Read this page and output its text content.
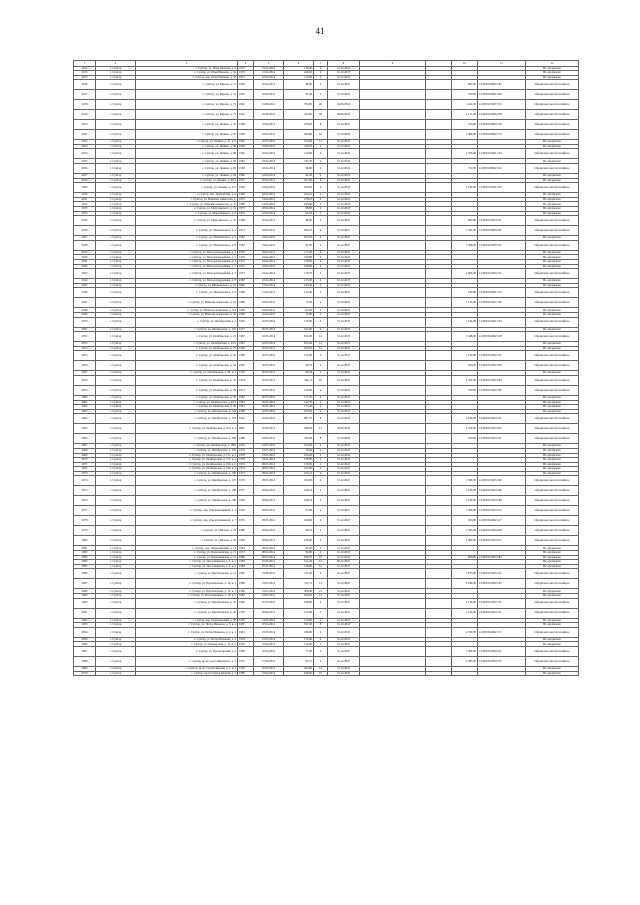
41
1	2	3	4	5	6	7	8	9		10	11	12
2012	с. Сунтар	с. Сунтар, ул. Ильи Иванова, д. 2	1972	21.04.2014	138,40	4	31.12.2024					Не оформлено
2013	с. Сунтар	с. Сунтар, ул. Ильи Иванова, д. 16	1976	21.04.2014	448,90	9	31.12.2023					Не оформлено
2015	с. Сунтар	с. Сунтар, пер. Ильи Иванова, д. 18	1975	22.04.2014	115,60	2	31.12.2023					Не оформлено
2016	с. Сунтар	с. Сунтар, ул. Кирова, д. 11	1979	22.04.2014	98,00	2	31.12.2022			887,00	14:28:0103002:185	Оформлено как бесхозяйное
2017	с. Сунтар	с. Сунтар, ул. Кирова, д. 31	1981	22.04.2014	83,40	5	31.12.2023			790,00	14:28:0103001:246	Оформлено как бесхозяйное
2018	с. Сунтар	с. Сунтар, ул. Кирова, д. 71	1991	01.08.2014	782,00	40	24.06.2024			1 421,00	14:28:0101007:374	Оформлено как бесхозяйное
2019	с. Сунтар	с. Сунтар, ул. Кирова, д. 71	1991	01.08.2014	544,00	30	08.06.2024			1 171,00	14:28:0101006:378	Оформлено как бесхозяйное
2020	с. Сунтар	с. Сунтар, ул. Ленина, д. 35	1968	23.04.2014	478,20	8	31.12.2023			745,00	14:28:0103004:129	Оформлено как бесхозяйное
2021	с. Сунтар	с. Сунтар, ул. Ленина, д. 97	1969	23.04.2014	506,00	10	31.12.2024			1 000,00	14:28:0103002:175	Оформлено как бесхозяйное
2022	с. Сунтар	с. Сунтар, ул. Ленина, д. 27, к. 6	1991	22.05.2014	474,00	11	31.12.2023					Не оформлено
2023	с. Сунтар	с. Сунтар, ул. Ленина, д. 60	1969	23.04.2014	318,70	2	31.12.2023					Не оформлено
2024	с. Сунтар	с. Сунтар, ул. Ленина, д. 68	1982	22.04.2014	214,00	4	31.12.2022			1 706,00	14:28:0101001:193	Оформлено как бесхозяйное
2025	с. Сунтар	с. Сунтар, ул. Ленина, д. 83	1981	23.04.2014	335,70	2	31.12.2024					Не оформлено
2026	с. Сунтар	с. Сунтар, ул. Ленина, д. 85	1969	22.04.2014	96,00	2	31.12.2024			572,00	14:28:0103002:192	Оформлено как бесхозяйное
2027	с. Сунтар	с. Сунтар, ул. Ленина, д. 84	1986	24.04.2014	64,30	2	31.12.2023					Не оформлено
2028	с. Сунтар	с. Сунтар, ул. Ленина, д. 60-1	1975	22.04.2014	107,00	2	31.12.2023					Не оформлено
2029	с. Сунтар	с. Сунтар, ул. Ленина, д. 115	1994	23.04.2014	206,06	4	31.12.2024			2 049,00	14:28:0101001:195	Оформлено как бесхозяйное
2030	с. Сунтар	с. Сунтар, пер. Лермонтова, д. 6	1969	22.04.2014	164,10	4	31.12.2022					Не оформлено
2031	с. Сунтар	с. Сунтар, ул. Максима Аммосова, д.	1975	14.04.2014	278,10	4	31.12.2023					Не оформлено
2032	с. Сунтар	с. Сунтар, ул. Максима Аммосова, д. 72	1988	14.04.2014	185,60	4	31.12.2023					Не оформлено
2033	с. Сунтар	с. Сунтар, ул. Марусинского, д. 12	1973	28.04.2014	98,80	2	31.12.2022					Не оформлено
2034	с. Сунтар	с. Сунтар, ул. Марусинского, д. 6	1979	22.04.2014	94,64	2	31.12.2022					Не оформлено
2035	с. Сунтар	с. Сунтар, ул. Марусинского, д. 31	1968	22.04.2014	98,00	2	31.12.2022			683,00	14:28:0103003:211	Оформлено как бесхозяйное
2036	с. Сунтар	с. Сунтар, ул. Мичманского, д. 4	1971	24.04.2014	464,47	9	31.12.2022			1 591,00	14:28:0103005:195	Оформлено как бесхозяйное
2037	с. Сунтар	с. Сунтар, ул. Мичманского, д. 5	1981	24.04.2014	203,70	4	31.12.2022					Не оформлено
2038	с. Сунтар	с. Сунтар, ул. Мичманского, д. 8	1981	24.04.2014	91,20	2	31.12.2022			1 596,00	14:28:0103005:192	Оформлено как бесхозяйное
2039	с. Сунтар	с. Сунтар, ул. Молодогвардейцев, д. 1	1979	24.04.2014	173,26	4	31.12.2023					Не оформлено
2040	с. Сунтар	с. Сунтар, ул. Молодогвардейцев, д. 2	1979	24.04.2014	190,80	4	31.12.2023					Не оформлено
2041	с. Сунтар	с. Сунтар, ул. Молодогвардейцев, д. 3	1972	24.04.2014	158,60	4	31.12.2023					Не оформлено
2042	с. Сунтар	с. Сунтар, ул. Молодогвардейцев, д. 5	1972	24.04.2014	168,60	4	31.12.2023					Не оформлено
2043	с. Сунтар	с. Сунтар, ул. Молодогвардейцев, д. 7	1973	24.04.2014	178,70	3	31.12.2023			1 800,00	14:28:0101003:161	Оформлено как бесхозяйное
2044	с. Сунтар	с. Сунтар, ул. Молодогвардейцев, д. 8	1982	22.04.2014	215,00	4	31.12.2023					Не оформлено
2045	с. Сунтар	с. Сунтар, ул. Мичманского, д. 10	1982	17.04.2014	229,40	4	31.12.2023					Не оформлено
2046	с. Сунтар	с. Сунтар, ул. Мичманского, д. 6	1966	21.04.2014	123,40	5	31.12.2023			630,00	14:28:0103001:313	Оформлено как бесхозяйное
2047	с. Сунтар	с. Сунтар, ул. Николая Алексеева, д. 61	1989	23.04.2014	73,30	2	31.12.2023			1 125,00	14:28:0101007:196	Оформлено как бесхозяйное
2048	с. Сунтар	с. Сунтар, ул. Николая Алексеева, д. 6/2	1969	23.04.2014	66,00	2	31.12.2023					Не оформлено
2049	с. Сунтар	с. Сунтар, ул. Николая Алексеева, д. 34	1969	22.04.2014	74,00	2	31.12.2023					Не оформлено
2050	с. Сунтар	с. Сунтар, ул. Октябрьская, д. 1	1976	22.05.2014	176,06	5	31.12.2023			1 164,00	14:28:0101001:194	Оформлено как бесхозяйное
2051	с. Сунтар	с. Сунтар, ул. Октябрьская, д. 219	1977	20.05.2014	322,00	4	31.12.2023					Не оформлено
2052	с. Сунтар	с. Сунтар, ул. Октябрьская, д. 21	1987	22.05.2014	652,20	12	31.12.2023			2 448,00	14:28:0101002:128	Оформлено как бесхозяйное
2053	с. Сунтар	с. Сунтар, ул. Октябрьская, д. 23/1	1981	22.05.2014	655,40	12	31.12.2023					Не оформлено
2054	с. Сунтар	с. Сунтар, ул. Октябрьская, д. 27	1990	22.05.2014	640,50	12	31.12.2023					Не оформлено
2055	с. Сунтар	с. Сунтар, ул. Октябрьская, д. 62	1968	26.05.2014	152,00	5	31.12.2023			1 076,00	14:28:0101002:191	Оформлено как бесхозяйное
2056	с. Сунтар	с. Сунтар, ул. Октябрьская, д. 64	1967	26.05.2014	99,76	2	31.12.2023			590,00	14:28:0101002:239	Оформлено как бесхозяйное
2057	с. Сунтар	с. Сунтар, ул. Октябрьская, д. 66, к. 1	1978	26.05.2014	96,58	2	31.12.2023					Не оформлено
2058	с. Сунтар	с. Сунтар, ул. Октябрьская, д. 79	1974	22.05.2014	394,11	10	31.12.2022			1 352,00	14:28:0101002:184	Оформлено как бесхозяйное
2059	с. Сунтар	с. Сунтар, ул. Октябрьская, д. 79	1971	22.05.2014	214,00	4	31.12.2023			799,00	14:28:0101002:180	Оформлено как бесхозяйное
2060	с. Сунтар	с. Сунтар, ул. Октябрьская, д. 50	1981	20.05.2014	171,70	4	31.12.2023					Не оформлено
2061	с. Сунтар	с. Сунтар, ул. Октябрьская, д. 94/1	1982	20.05.2014	142,70	2	31.12.2023					Не оформлено
2062	с. Сунтар	с. Сунтар, ул. Октябрьская, д. 95	1981	26.05.2014	175,40	4	31.12.2023					Не оформлено
2063	с. Сунтар	с. Сунтар, ул. Октябрьская, д. 102	1968	22.05.2014	163,64	4	31.12.2023					Не оформлено
2064	с. Сунтар	с. Сунтар, ул. Октябрьская, д. 103	1991	22.05.2014	687,70	8	31.12.2024			2 100,00	14:28:0101003:127	Оформлено как бесхозяйное
2065	с. Сунтар	с. Сунтар, ул. Октябрьская, д. 103, к. а	2005	16.09.2014	288,06	13	30.06.2024			2 700,00	14:28:0101003:205	Оформлено как бесхозяйное
2066	с. Сунтар	с. Сунтар, ул. Октябрьская, д. 168	1988	23.05.2014	334,40	8	31.12.2024			764,00	14:28:0101003:197	Оформлено как бесхозяйное
2067	с. Сунтар	с. Сунтар, ул. Октябрьская, д. 160а	1979	23.05.2014	102,00	2	31.12.2023					Не оформлено
2068	с. Сунтар	с. Сунтар, ул. Октябрьская, д. 170	1974	23.05.2014	76,66	2	31.12.2023					Не оформлено
2069	с. Сунтар	с. Сунтар, ул. Октябрьская, д. 171, к. а	1978	23.05.2014	106,00	2	31.12.2024					Не оформлено
2070	с. Сунтар	с. Сунтар, ул. Октябрьская, д. 173, к. а	1978	23.05.2014	108,00	2	31.12.2024					Не оформлено
2071	с. Сунтар	с. Сунтар, ул. Октябрьская, д. 192, к. б	1974	28.05.2014	130,50	2	31.12.2022					Не оформлено
2072	с. Сунтар	с. Сунтар, ул. Октябрьская, д. 194, к. а	1974	28.05.2014	162,00	2	31.12.2022					Не оформлено
2073	с. Сунтар	с. Сунтар, ул. Октябрьская, д. 196	1973	28.04.2014	105,21	2	31.12.2022					Не оформлено
2074	с. Сунтар	с. Сунтар, ул. Октябрьская, д. 197	1979	28.05.2014	190,00	4	31.12.2022			1 599,00	14:28:0101003:190	Оформлено как бесхозяйное
2075	с. Сунтар	с. Сунтар, ул. Октябрьская, д. 198	1975	28.04.2014	108,24	2	31.12.2022			1 100,00	14:28:0101003:186	Оформлено как бесхозяйное
2076	с. Сунтар	с. Сунтар, ул. Октябрьская, д. 199	1979	28.04.2014	108,24	2	31.12.2022			1 100,00	14:28:0101003:188	Оформлено как бесхозяйное
2077	с. Сунтар	с. Сунтар, пер. Ольги Кошкиной, д. 2	1978	28.05.2014	67,90	2	31.12.2022			1 200,00	14:28:0101003:212	Оформлено как бесхозяйное
2078	с. Сунтар	с. Сунтар, пер. Ольги Кошкиной, д. 7	1979	28.05.2014	106,90	2	31.12.2022			200,00	14:28:0101002:147	Оформлено как бесхозяйное
2079	с. Сунтар	с. Сунтар, ул. Павлова, д. 23	1988	28.04.2014	98,10	2	31.12.2022			1 583,00	14:28:0101004:208	Оформлено как бесхозяйное
2080	с. Сунтар	с. Сунтар, ул. Павлова, д. 78	1979	28.04.2014	106,20	2	31.12.2022			1 000,00	14:28:0101003:215	Оформлено как бесхозяйное
2081	с. Сунтар	с. Сунтар, пер. Первомайский, д. 13	1981	28.04.2014	93,00	2	31.12.2022					Не оформлено
2082	с. Сунтар	с. Сунтар, ул. Первомайская, д. 15	1972	28.04.2014	90,60	2	31.12.2022					Не оформлено
2083	с. Сунтар	с. Сунтар, ул. Первомайская, д. 21	1986	28.05.2014	658,70	18	31.12.2022			869,00	14:28:0101003:183	Не оформлено
2084	с. Сунтар	с. Сунтар, ул. Пестовщикова, д. 2, к. 1	1984	27.05.2014	512,40	12	30.12.2019					Не оформлено
2085	с. Сунтар	с. Сунтар, ул. Пестовщикова, д. 2, к. 2	1989	27.05.2014	518,60	12	31.12.2022					Не оформлено
2086	с. Сунтар	с. Сунтар, ул. Партизанская, д. 14	1982	24.08.2014	211,20	4	31.12.2022			1 673,00	14:28:0101005:141	Оформлено как бесхозяйное
2087	с. Сунтар	с. Сунтар, ул. Партизанская, д. 16, к. 1	1980	23.05.2014	511,51	12	31.12.2022			2 040,00	14:28:0101002:187	Оформлено как бесхозяйное
2088	с. Сунтар	с. Сунтар, ул. Партизанская, д. 16, к. 1	1982	23.05.2014	508,40	12	31.12.2022					Не оформлено
2089	с. Сунтар	с. Сунтар, ул. Пестовщикова, д. 18, к. 2	1984	23.05.2014	640,06	12	31.12.2022					Не оформлено
2090	с. Сунтар	с. Сунтар, ул. Партизанская, д. 33	1982	27.05.2014	188,00	4	31.12.2022			2 120,00	14:28:0101002:155	Оформлено как бесхозяйное
2091	с. Сунтар	с. Сунтар, ул. Партизанская, д. 46	1978	28.04.2014	272,60	5	31.12.2022			1 100,00	14:28:0101003:211	Оформлено как бесхозяйное
2092	с. Сунтар	с. Сунтар, пер. Партизанский, д. 30	1976	14.04.2014	154,60	4	31.12.2023					Не оформлено
2093	с. Сунтар	с. Сунтар, ул. Петра Ишакова, д. 5, к. а	1987	27.04.2014	397,30	8	31.12.2024					Не оформлено
2094	с. Сунтар	с. Сунтар, ул. Петра Ишакова, д. 2, к. 1	1981	23.05.2014	186,00	4	31.12.2022			2 350,00	14:28:0101002:172	Оформлено как бесхозяйное
2095	с. Сунтар	с. Сунтар, ул. Петра Ишакова, д. 4	1979	23.05.2014	176,40	4	31.12.2022					Не оформлено
2096	с. Сунтар	с. Сунтар, ул. Пионерская, д. 15, к. б	1976	23.04.2014	144,60	4	31.12.2022					Не оформлено
2097	с. Сунтар	с. Сунтар, ул. Пролетарская, д. 4	1969	22.04.2014	77,00	2	31.12.2022			1 000,00	14:28:0101004:161	Оформлено как бесхозяйное
2098	с. Сунтар	с. Сунтар, пр-кт Серго-Бирацкого, д. 3	1975	17.04.2014	97,21	2	31.12.2022			1 085,00	14:28:0101004:145	Оформлено как бесхозяйное
2099	с. Сунтар	с. Сунтар, пр-кт Сергея Зверева, д. 1, к. а	1978	22.05.2014	292,96	14	31.12.2023					Не оформлено
2100	с. Сунтар	с. Сунтар, пр-кт Сергея Зверева, д. 2	1986	23.04.2014	639,00	22	31.12.2022					Не оформлено
